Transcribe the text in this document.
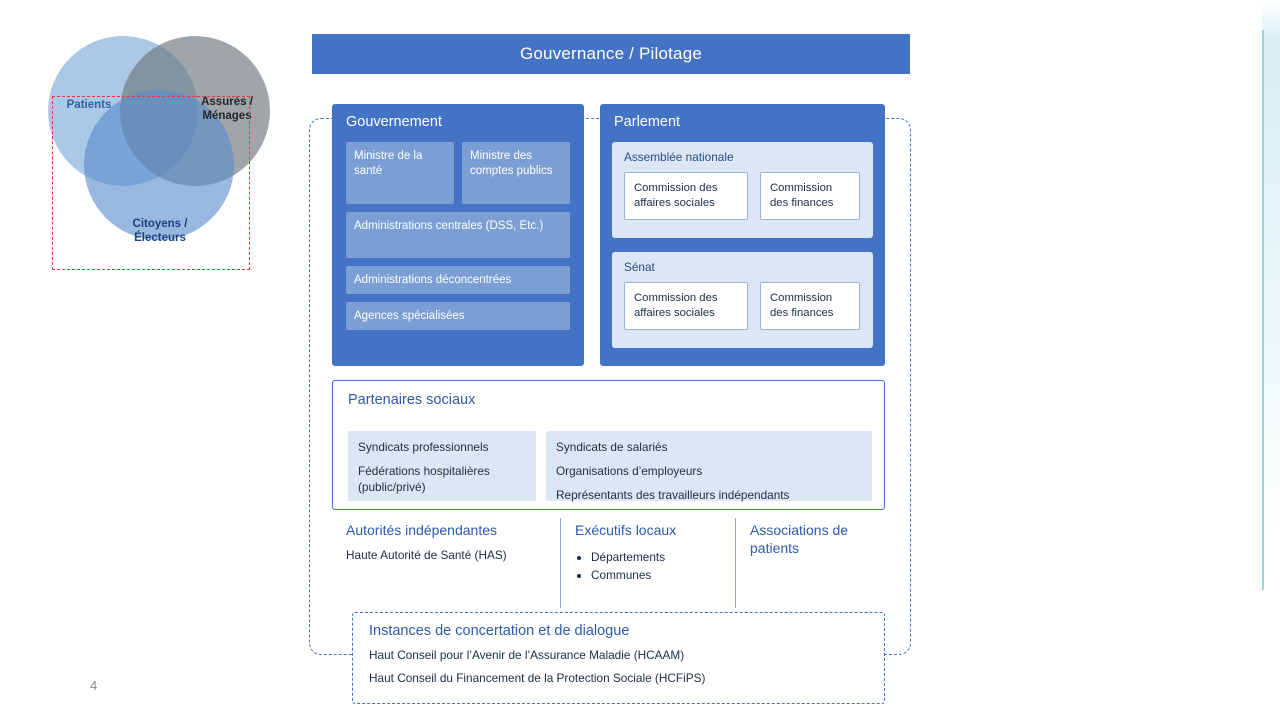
4
Patients	Assurés /
Ménages
Citoyens /
Électeurs
Gouvernance / Pilotage
Gouvernement
Ministre de la santé
Ministre des comptes publics
Administrations centrales (DSS, Etc.)
Administrations déconcentrées
Agences spécialisées
Parlement
Assemblée nationale
Commission des affaires sociales
Commission des finances
Sénat
Commission des affaires sociales
Commission des finances
Partenaires sociaux

Syndicats professionnels

Fédérations hospitalières (public/privé)

Syndicats de salariés

Organisations d’employeurs

Représentants des travailleurs indépendants

Autorités indépendantes
Haute Autorité de Santé (HAS)
Exécutifs locaux
• Départements
• Communes
Associations de patients
Instances de concertation et de dialogue
Haut Conseil pour l’Avenir de l’Assurance Maladie (HCAAM)
Haut Conseil du Financement de la Protection Sociale (HCFiPS)
